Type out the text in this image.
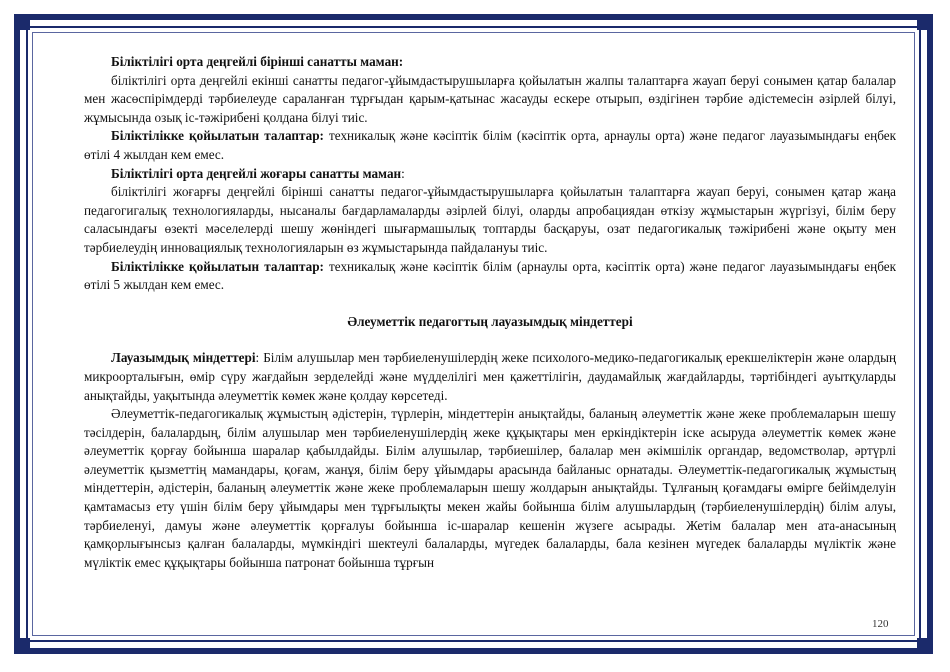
Біліктілігі орта деңгейлі бірінші санатты маман:

біліктілігі орта деңгейлі екінші санатты педагог-ұйымдастырушыларға қойылатын жалпы талаптарға жауап беруі сонымен қатар балалар мен жасөспірімдерді тәрбиелеуде саралaнған тұрғыдан қарым-қатынас жасауды ескере отырып, өздігінен тәрбие әдістемесін әзірлей білуі, жұмысында озық іс-тәжірибені қолдана білуі тиіс.

Біліктілікке қойылатын талаптар: техникалық және кәсіптік білім (кәсіптік орта, арнаулы орта) және педагог лауазымындағы еңбек өтілі 4 жылдан кем емес.

Біліктілігі орта деңгейлі жоғары санатты маман:

біліктілігі жоғарғы деңгейлі бірінші санатты педагог-ұйымдастырушыларға қойылатын талаптарға жауап беруі, сонымен қатар жаңа педагогигалық технологияларды, нысаналы бағдарламаларды әзірлей білуі, оларды апробациядан өткізу жұмыстарын жүргізуі, білім беру саласындағы өзекті мәселелерді шешу жөніндегі шығармашылық топтарды басқаруы, озат педагогикалық тәжірибені және оқыту мен тәрбиелеудің инновациялық технологияларын өз жұмыстарында пайдалануы тиіс.

Біліктілікке қойылатын талаптар: техникалық және кәсіптік білім (арнаулы орта, кәсіптік орта) және педагог лауазымындағы еңбек өтілі 5 жылдан кем емес.

Әлеуметтік педагогтың лауазымдық міндеттері

Лауазымдық міндеттері: Білім алушылар мен тәрбиеленушілердің жеке психолого-медико-педагогикалық ерекшеліктерін және олардың микроорталығын, өмір сүру жағдайын зерделейді және мүдделілігі мен қажеттілігін, даудамайлық жағдайларды, тәртібіндегі ауытқуларды анықтайды, уақытында әлеуметтік көмек және қолдау көрсетеді.

Әлеуметтік-педагогикалық жұмыстың әдістерін, түрлерін, міндеттерін анықтайды, баланың әлеуметтік және жеке проблемаларын шешу тәсілдерін, балалардың, білім алушылар мен тәрбиеленушілердің жеке құқықтары мен еркіндіктерін іске асыруда әлеуметтік көмек және әлеуметтік қорғау бойынша шаралар қабылдайды. Білім алушылар, тәрбиешілер, балалар мен әкімшілік органдар, ведомстволар, әртүрлі әлеуметтік қызметтің мамандары, қоғам, жанұя, білім беру ұйымдары арасында байланыс орнатады. Әлеуметтік-педагогикалық жұмыстың міндеттерін, әдістерін, баланың әлеуметтік және жеке проблемаларын шешу жолдарын анықтайды. Тұлғаның қоғамдағы өмірге бейімделуін қамтамасыз ету үшін білім беру ұйымдары мен тұрғылықты мекен жайы бойынша білім алушылардың (тәрбиеленушілердің) білім алуы, тәрбиеленуі, дамуы және әлеуметтік қорғалуы бойынша іс-шаралар кешенін жүзеге асырады. Жетім балалар мен ата-анасының қамқорлығынсыз қалған балаларды, мүмкіндігі шектеулі балаларды, мүгедек балаларды, бала кезінен мүгедек балаларды мүліктік және мүліктік емес құқықтары бойынша патронат бойынша тұрғын

120
